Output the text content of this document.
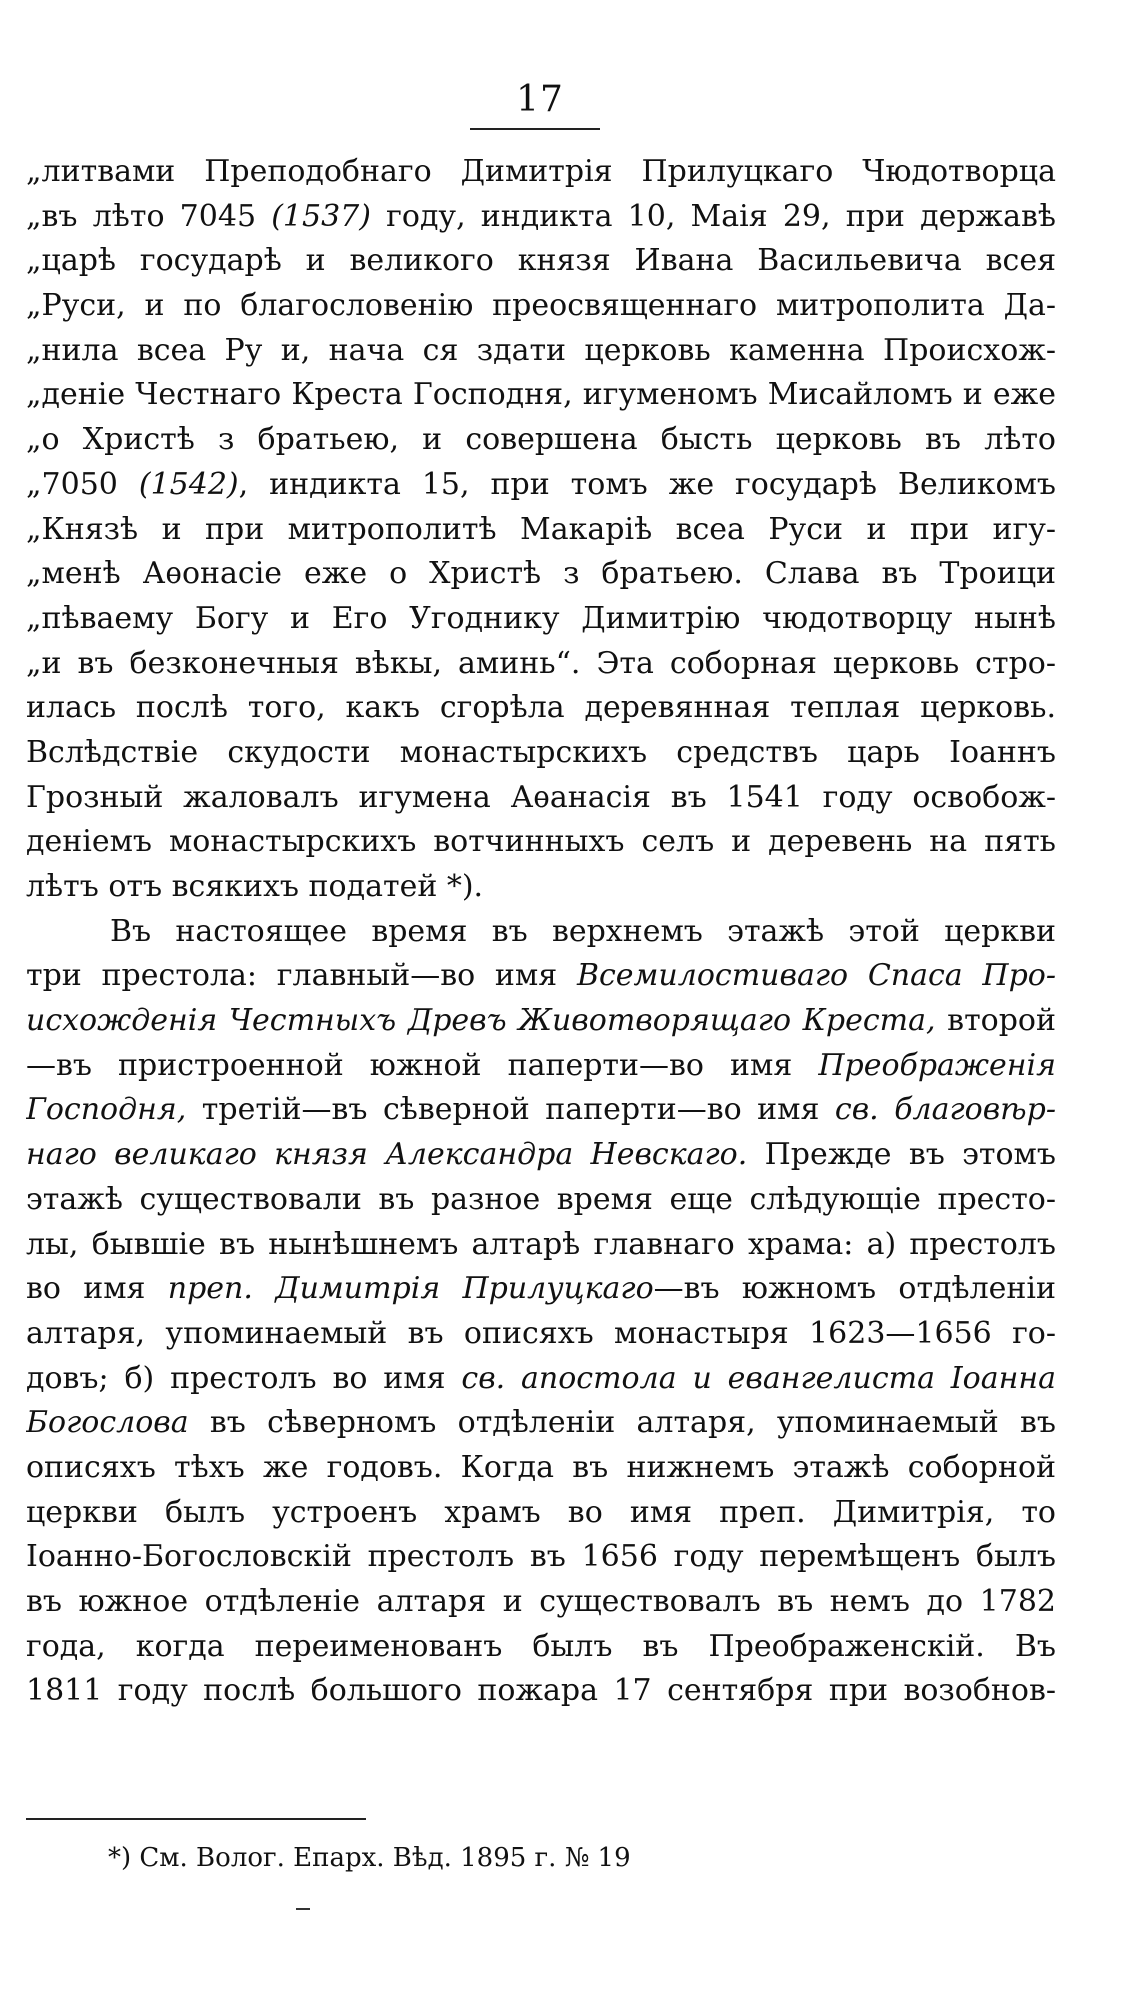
17
„литвами Преподобнаго Димитрія Прилуцкаго Чюдотворца
„въ лѣто 7045 (1537) году, индикта 10, Маія 29, при державѣ
„царѣ государѣ и великого князя Ивана Васильевича всея
„Руси, и по благословенію преосвященнаго митрополита Да-
„нила всеа Ру и, нача ся здати церковь каменна Происхож-
„деніе Честнаго Креста Господня, игуменомъ Мисайломъ и еже
„о Христѣ з братьею, и совершена бысть церковь въ лѣто
„7050 (1542), индикта 15, при томъ же государѣ Великомъ
„Князѣ и при митрополитѣ Макаріѣ всеа Руси и при игу-
„менѣ Аѳонасіе еже о Христѣ з братьею. Слава въ Троици
„пѣваему Богу и Его Угоднику Димитрію чюдотворцу нынѣ
„и въ безконечныя вѣкы, аминь“. Эта соборная церковь стро-
илась послѣ того, какъ сгорѣла деревянная теплая церковь.
Вслѣдствіе скудости монастырскихъ средствъ царь Іоаннъ
Грозный жаловалъ игумена Аѳанасія въ 1541 году освобож-
деніемъ монастырскихъ вотчинныхъ селъ и деревень на пять
лѣтъ отъ всякихъ податей *).
Въ настоящее время въ верхнемъ этажѣ этой церкви
три престола: главный—во имя Всемилостиваго Спаса Про-
исхожденія Честныхъ Древъ Животворящаго Креста, второй
—въ пристроенной южной паперти—во имя Преображенія
Господня, третій—въ сѣверной паперти—во имя св. благовѣр-
наго великаго князя Александра Невскаго. Прежде въ этомъ
этажѣ существовали въ разное время еще слѣдующіе престо-
лы, бывшіе въ нынѣшнемъ алтарѣ главнаго храма: а) престолъ
во имя преп. Димитрія Прилуцкаго—въ южномъ отдѣленіи
алтаря, упоминаемый въ описяхъ монастыря 1623—1656 го-
довъ; б) престолъ во имя св. апостола и евангелиста Іоанна
Богослова въ сѣверномъ отдѣленіи алтаря, упоминаемый въ
описяхъ тѣхъ же годовъ. Когда въ нижнемъ этажѣ соборной
церкви былъ устроенъ храмъ во имя преп. Димитрія, то
Іоанно-Богословскій престолъ въ 1656 году перемѣщенъ былъ
въ южное отдѣленіе алтаря и существовалъ въ немъ до 1782
года, когда переименованъ былъ въ Преображенскій. Въ
1811 году послѣ большого пожара 17 сентября при возобнов-
*) См. Волог. Епарх. Вѣд. 1895 г. № 19
